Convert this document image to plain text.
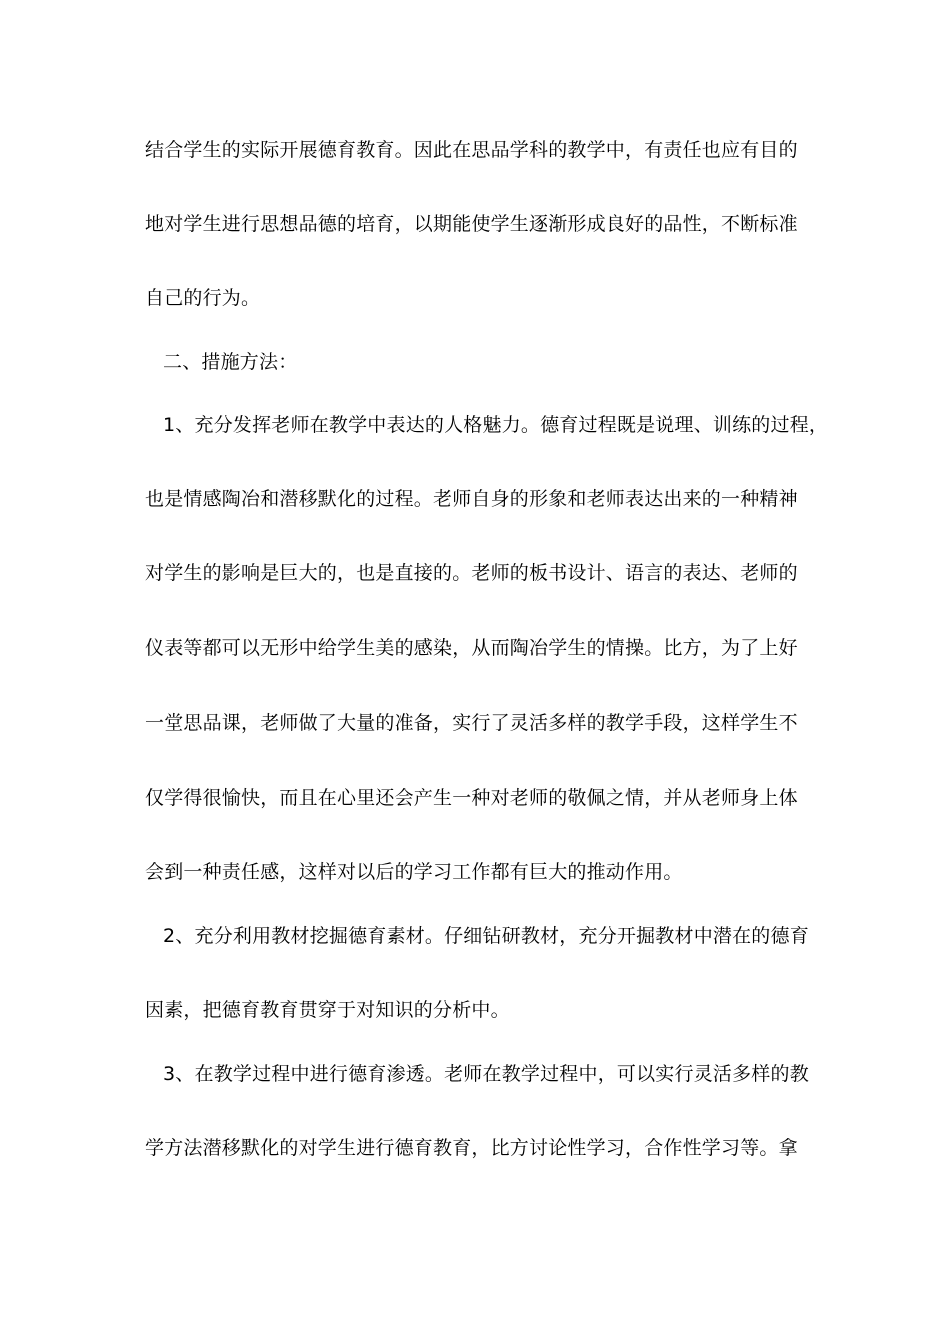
结合学生的实际开展德育教育。因此在思品学科的教学中，有责任也应有目的
地对学生进行思想品德的培育，以期能使学生逐渐形成良好的品性，不断标准
自己的行为。
二、措施方法：
1、充分发挥老师在教学中表达的人格魅力。德育过程既是说理、训练的过程，
也是情感陶冶和潜移默化的过程。老师自身的形象和老师表达出来的一种精神
对学生的影响是巨大的，也是直接的。老师的板书设计、语言的表达、老师的
仪表等都可以无形中给学生美的感染，从而陶冶学生的情操。比方，为了上好
一堂思品课，老师做了大量的准备，实行了灵活多样的教学手段，这样学生不
仅学得很愉快，而且在心里还会产生一种对老师的敬佩之情，并从老师身上体
会到一种责任感，这样对以后的学习工作都有巨大的推动作用。
2、充分利用教材挖掘德育素材。仔细钻研教材，充分开掘教材中潜在的德育
因素，把德育教育贯穿于对知识的分析中。
3、在教学过程中进行德育渗透。老师在教学过程中，可以实行灵活多样的教
学方法潜移默化的对学生进行德育教育，比方讨论性学习，合作性学习等。拿
